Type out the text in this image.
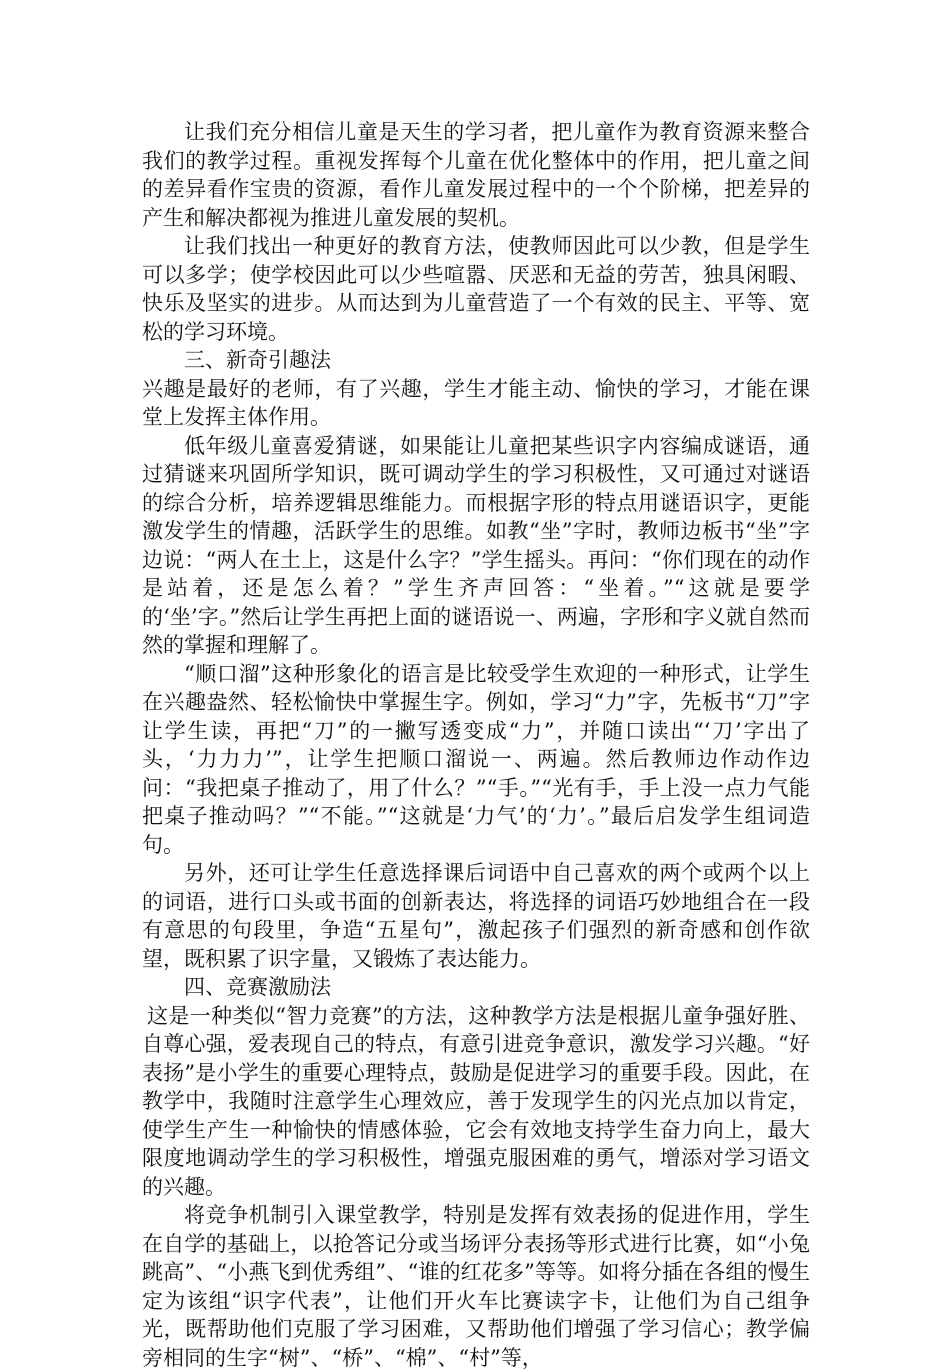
让我们充分相信儿童是天生的学习者，把儿童作为教育资源来整合我们的教学过程。重视发挥每个儿童在优化整体中的作用，把儿童之间的差异看作宝贵的资源，看作儿童发展过程中的一个个阶梯，把差异的产生和解决都视为推进儿童发展的契机。

让我们找出一种更好的教育方法，使教师因此可以少教，但是学生可以多学；使学校因此可以少些喧嚣、厌恶和无益的劳苦，独具闲暇、快乐及坚实的进步。从而达到为儿童营造了一个有效的民主、平等、宽松的学习环境。

三、新奇引趣法

兴趣是最好的老师，有了兴趣，学生才能主动、愉快的学习，才能在课堂上发挥主体作用。

低年级儿童喜爱猜谜，如果能让儿童把某些识字内容编成谜语，通过猜谜来巩固所学知识，既可调动学生的学习积极性，又可通过对谜语的综合分析，培养逻辑思维能力。而根据字形的特点用谜语识字，更能激发学生的情趣，活跃学生的思维。如教“坐”字时，教师边板书“坐”字边说：“两人在土上，这是什么字？”学生摇头。再问：“你们现在的动作是站着，还是怎么着？”学生齐声回答：“坐着。”“这就是要学的‘坐’字。”然后让学生再把上面的谜语说一、两遍，字形和字义就自然而然的掌握和理解了。

“顺口溜”这种形象化的语言是比较受学生欢迎的一种形式，让学生在兴趣盎然、轻松愉快中掌握生字。例如，学习“力”字，先板书“刀”字让学生读，再把“刀”的一撇写透变成“力”，并随口读出“‘刀’字出了头，‘力力力’”，让学生把顺口溜说一、两遍。然后教师边作动作边问：“我把桌子推动了，用了什么？”“手。”“光有手，手上没一点力气能把桌子推动吗？”“不能。”“这就是‘力气’的‘力’。”最后启发学生组词造句。

另外，还可让学生任意选择课后词语中自己喜欢的两个或两个以上的词语，进行口头或书面的创新表达，将选择的词语巧妙地组合在一段有意思的句段里，争造“五星句”，激起孩子们强烈的新奇感和创作欲望，既积累了识字量，又锻炼了表达能力。

四、竞赛激励法

这是一种类似“智力竞赛”的方法，这种教学方法是根据儿童争强好胜、自尊心强，爱表现自己的特点，有意引进竞争意识，激发学习兴趣。“好表扬”是小学生的重要心理特点，鼓励是促进学习的重要手段。因此，在教学中，我随时注意学生心理效应，善于发现学生的闪光点加以肯定，使学生产生一种愉快的情感体验，它会有效地支持学生奋力向上，最大限度地调动学生的学习积极性，增强克服困难的勇气，增添对学习语文的兴趣。

将竞争机制引入课堂教学，特别是发挥有效表扬的促进作用，学生在自学的基础上，以抢答记分或当场评分表扬等形式进行比赛，如“小兔跳高”、“小燕飞到优秀组”、“谁的红花多”等等。如将分插在各组的慢生定为该组“识字代表”，让他们开火车比赛读字卡，让他们为自己组争光，既帮助他们克服了学习困难，又帮助他们增强了学习信心；教学偏旁相同的生字“树”、“桥”、“棉”、“村”等，
